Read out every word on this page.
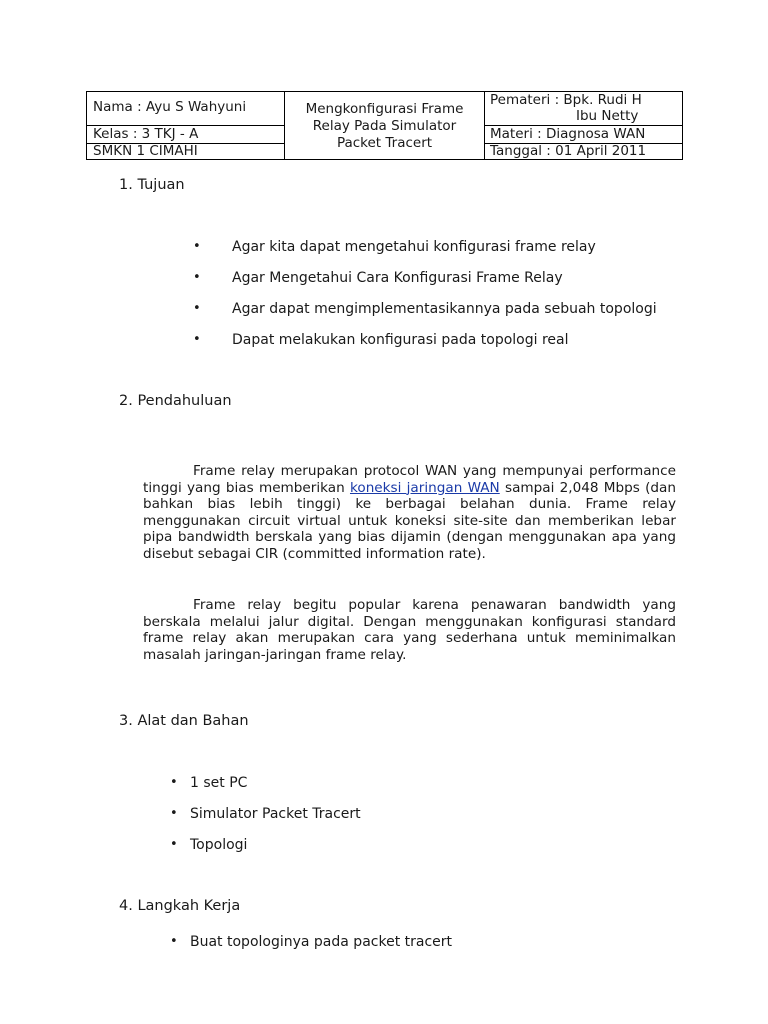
Nama : Ayu S Wahyuni
Kelas : 3 TKJ - A
SMKN 1 CIMAHI
Mengkonfigurasi Frame
Relay Pada Simulator
Packet Tracert
Pemateri : Bpk. Rudi H
Ibu Netty
Materi : Diagnosa WAN
Tanggal : 01 April 2011
1. Tujuan
• Agar kita dapat mengetahui konfigurasi frame relay
• Agar Mengetahui Cara Konfigurasi Frame Relay
• Agar dapat mengimplementasikannya pada sebuah topologi
• Dapat melakukan konfigurasi pada topologi real
2. Pendahuluan

Frame relay merupakan protocol WAN yang mempunyai performance tinggi yang bias memberikan koneksi jaringan WAN sampai 2,048 Mbps (dan bahkan bias lebih tinggi) ke berbagai belahan dunia. Frame relay menggunakan circuit virtual untuk koneksi site-site dan memberikan lebar pipa bandwidth berskala yang bias dijamin (dengan menggunakan apa yang disebut sebagai CIR (committed information rate).

Frame relay begitu popular karena penawaran bandwidth yang berskala melalui jalur digital. Dengan menggunakan konfigurasi standard frame relay akan merupakan cara yang sederhana untuk meminimalkan masalah jaringan-jaringan frame relay.

3. Alat dan Bahan
• 1 set PC
• Simulator Packet Tracert
• Topologi
4. Langkah Kerja
• Buat topologinya pada packet tracert
